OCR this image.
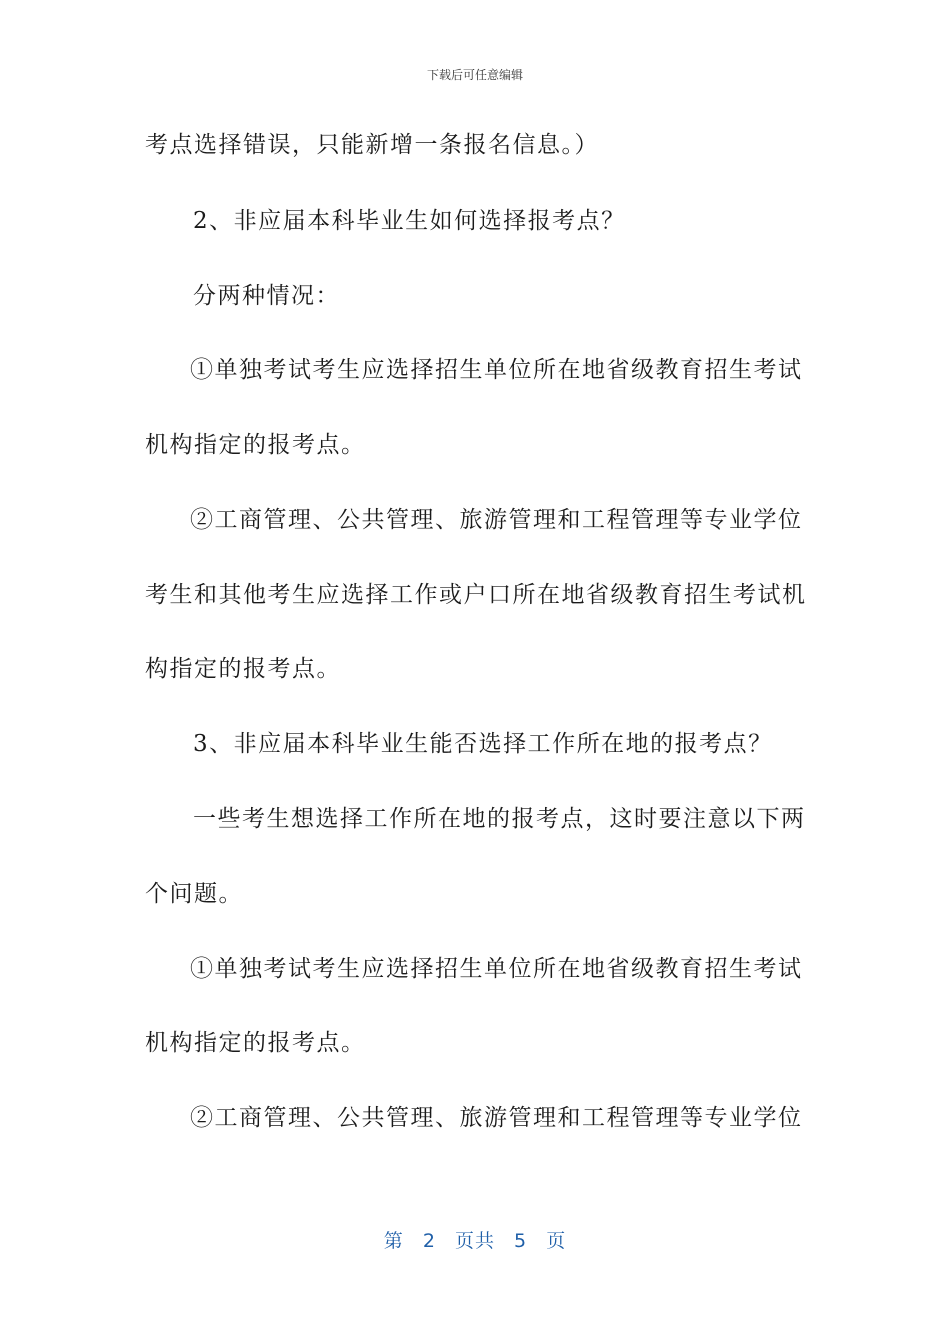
下载后可任意编辑
考点选择错误，只能新增一条报名信息。）
2、非应届本科毕业生如何选择报考点？
分两种情况：
①单独考试考生应选择招生单位所在地省级教育招生考试
机构指定的报考点。
②工商管理、公共管理、旅游管理和工程管理等专业学位
考生和其他考生应选择工作或户口所在地省级教育招生考试机
构指定的报考点。
3、非应届本科毕业生能否选择工作所在地的报考点？
一些考生想选择工作所在地的报考点，这时要注意以下两
个问题。
①单独考试考生应选择招生单位所在地省级教育招生考试
机构指定的报考点。
②工商管理、公共管理、旅游管理和工程管理等专业学位
第 2 页共 5 页
